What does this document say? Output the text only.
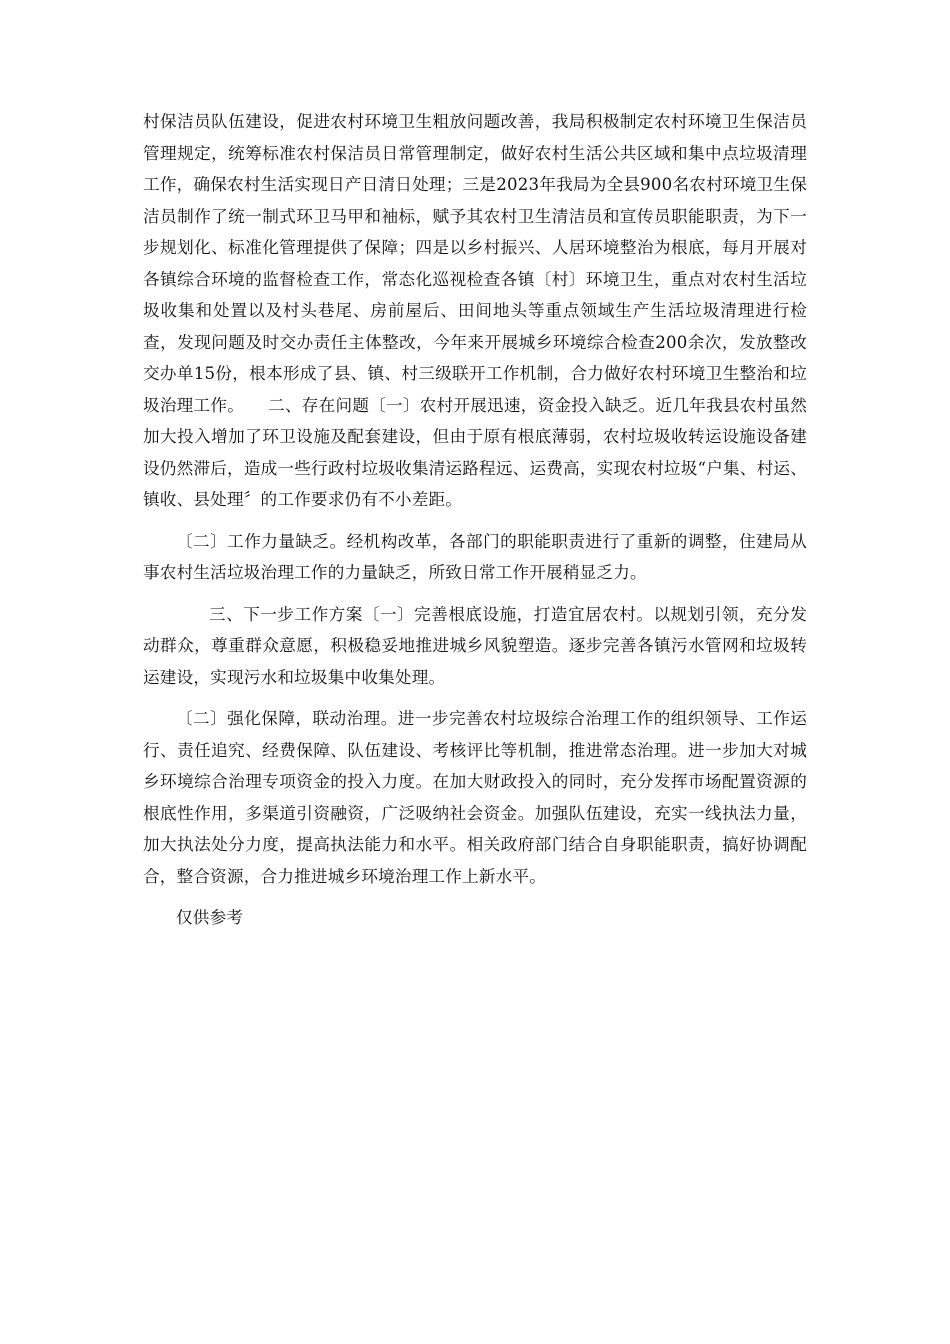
村保洁员队伍建设，促进农村环境卫生粗放问题改善，我局积极制定农村环境卫生保洁员管理规定，统筹标准农村保洁员日常管理制定，做好农村生活公共区域和集中点垃圾清理工作，确保农村生活实现日产日清日处理；三是2023年我局为全县900名农村环境卫生保洁员制作了统一制式环卫马甲和袖标，赋予其农村卫生清洁员和宣传员职能职责，为下一步规划化、标准化管理提供了保障；四是以乡村振兴、人居环境整治为根底，每月开展对各镇综合环境的监督检查工作，常态化巡视检查各镇〔村〕环境卫生，重点对农村生活垃圾收集和处置以及村头巷尾、房前屋后、田间地头等重点领域生产生活垃圾清理进行检查，发现问题及时交办责任主体整改，今年来开展城乡环境综合检查200余次，发放整改交办单15份，根本形成了县、镇、村三级联开工作机制，合力做好农村环境卫生整治和垃圾治理工作。 二、存在问题〔一〕农村开展迅速，资金投入缺乏。近几年我县农村虽然加大投入增加了环卫设施及配套建设，但由于原有根底薄弱，农村垃圾收转运设施设备建设仍然滞后，造成一些行政村垃圾收集清运路程远、运费高，实现农村垃圾“户集、村运、镇收、县处理〞的工作要求仍有不小差距。

〔二〕工作力量缺乏。经机构改革，各部门的职能职责进行了重新的调整，住建局从事农村生活垃圾治理工作的力量缺乏，所致日常工作开展稍显乏力。

三、下一步工作方案〔一〕完善根底设施，打造宜居农村。以规划引领，充分发动群众，尊重群众意愿，积极稳妥地推进城乡风貌塑造。逐步完善各镇污水管网和垃圾转运建设，实现污水和垃圾集中收集处理。

〔二〕强化保障，联动治理。进一步完善农村垃圾综合治理工作的组织领导、工作运行、责任追究、经费保障、队伍建设、考核评比等机制，推进常态治理。进一步加大对城乡环境综合治理专项资金的投入力度。在加大财政投入的同时，充分发挥市场配置资源的根底性作用，多渠道引资融资，广泛吸纳社会资金。加强队伍建设，充实一线执法力量，加大执法处分力度，提高执法能力和水平。相关政府部门结合自身职能职责，搞好协调配合，整合资源，合力推进城乡环境治理工作上新水平。

仅供参考
